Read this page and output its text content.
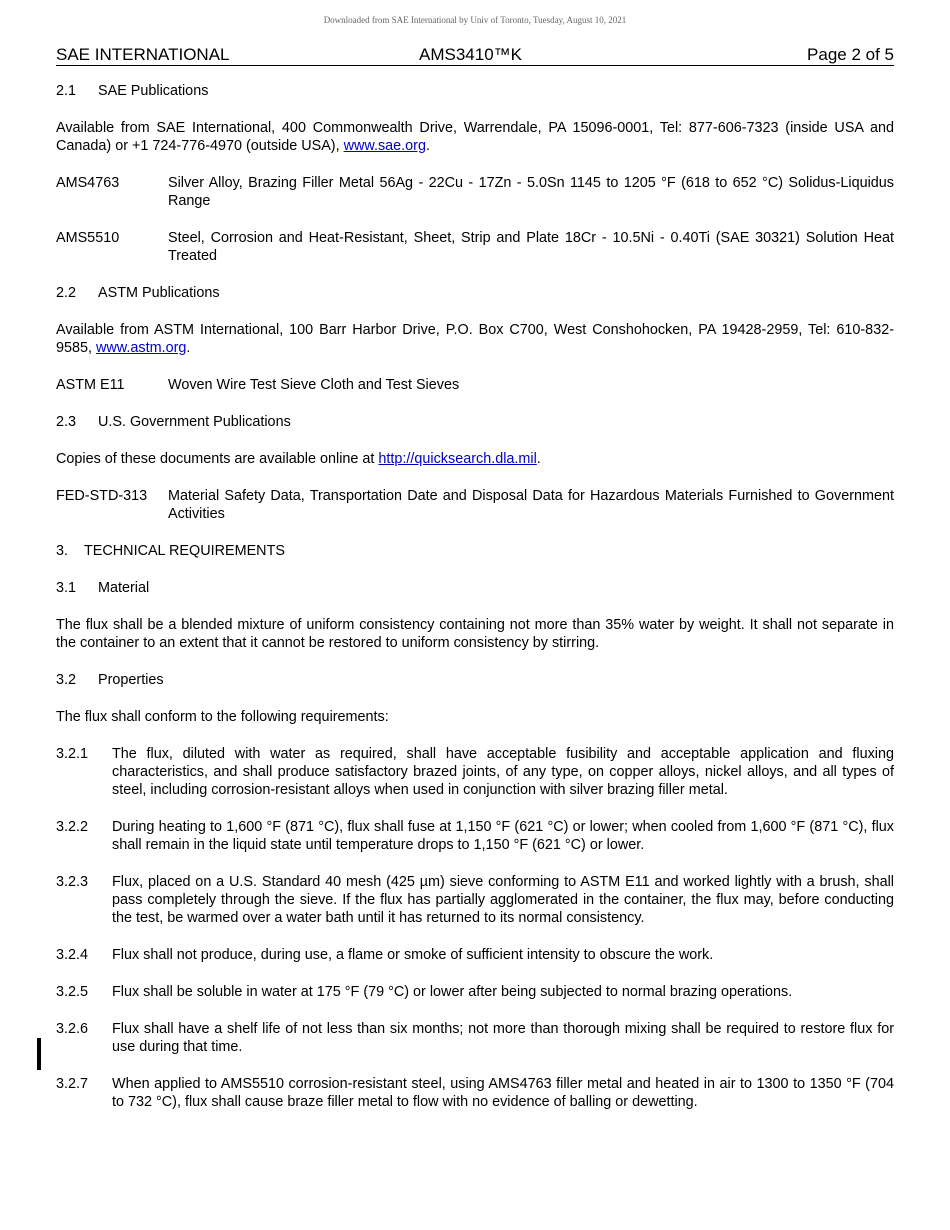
Downloaded from SAE International by Univ of Toronto, Tuesday, August 10, 2021
SAE INTERNATIONAL	AMS3410™K	Page 2 of 5

2.1 SAE Publications

Available from SAE International, 400 Commonwealth Drive, Warrendale, PA 15096-0001, Tel: 877-606-7323 (inside USA and Canada) or +1 724-776-4970 (outside USA), www.sae.org.

AMS4763	Silver Alloy, Brazing Filler Metal 56Ag - 22Cu - 17Zn - 5.0Sn 1145 to 1205 °F (618 to 652 °C) Solidus-Liquidus Range
AMS5510	Steel, Corrosion and Heat-Resistant, Sheet, Strip and Plate 18Cr - 10.5Ni - 0.40Ti (SAE 30321) Solution Heat Treated

2.2 ASTM Publications

Available from ASTM International, 100 Barr Harbor Drive, P.O. Box C700, West Conshohocken, PA 19428-2959, Tel: 610-832-9585, www.astm.org.

ASTM E11	Woven Wire Test Sieve Cloth and Test Sieves

2.3 U.S. Government Publications

Copies of these documents are available online at http://quicksearch.dla.mil.

FED-STD-313	Material Safety Data, Transportation Date and Disposal Data for Hazardous Materials Furnished to Government Activities

3. TECHNICAL REQUIREMENTS

3.1 Material

The flux shall be a blended mixture of uniform consistency containing not more than 35% water by weight. It shall not separate in the container to an extent that it cannot be restored to uniform consistency by stirring.

3.2 Properties

The flux shall conform to the following requirements:

3.2.1	The flux, diluted with water as required, shall have acceptable fusibility and acceptable application and fluxing characteristics, and shall produce satisfactory brazed joints, of any type, on copper alloys, nickel alloys, and all types of steel, including corrosion-resistant alloys when used in conjunction with silver brazing filler metal.
3.2.2	During heating to 1,600 °F (871 °C), flux shall fuse at 1,150 °F (621 °C) or lower; when cooled from 1,600 °F (871 °C), flux shall remain in the liquid state until temperature drops to 1,150 °F (621 °C) or lower.
3.2.3	Flux, placed on a U.S. Standard 40 mesh (425 µm) sieve conforming to ASTM E11 and worked lightly with a brush, shall pass completely through the sieve. If the flux has partially agglomerated in the container, the flux may, before conducting the test, be warmed over a water bath until it has returned to its normal consistency.
3.2.4	Flux shall not produce, during use, a flame or smoke of sufficient intensity to obscure the work.
3.2.5	Flux shall be soluble in water at 175 °F (79 °C) or lower after being subjected to normal brazing operations.
3.2.6	Flux shall have a shelf life of not less than six months; not more than thorough mixing shall be required to restore flux for use during that time.
3.2.7	When applied to AMS5510 corrosion-resistant steel, using AMS4763 filler metal and heated in air to 1300 to 1350 °F (704 to 732 °C), flux shall cause braze filler metal to flow with no evidence of balling or dewetting.
